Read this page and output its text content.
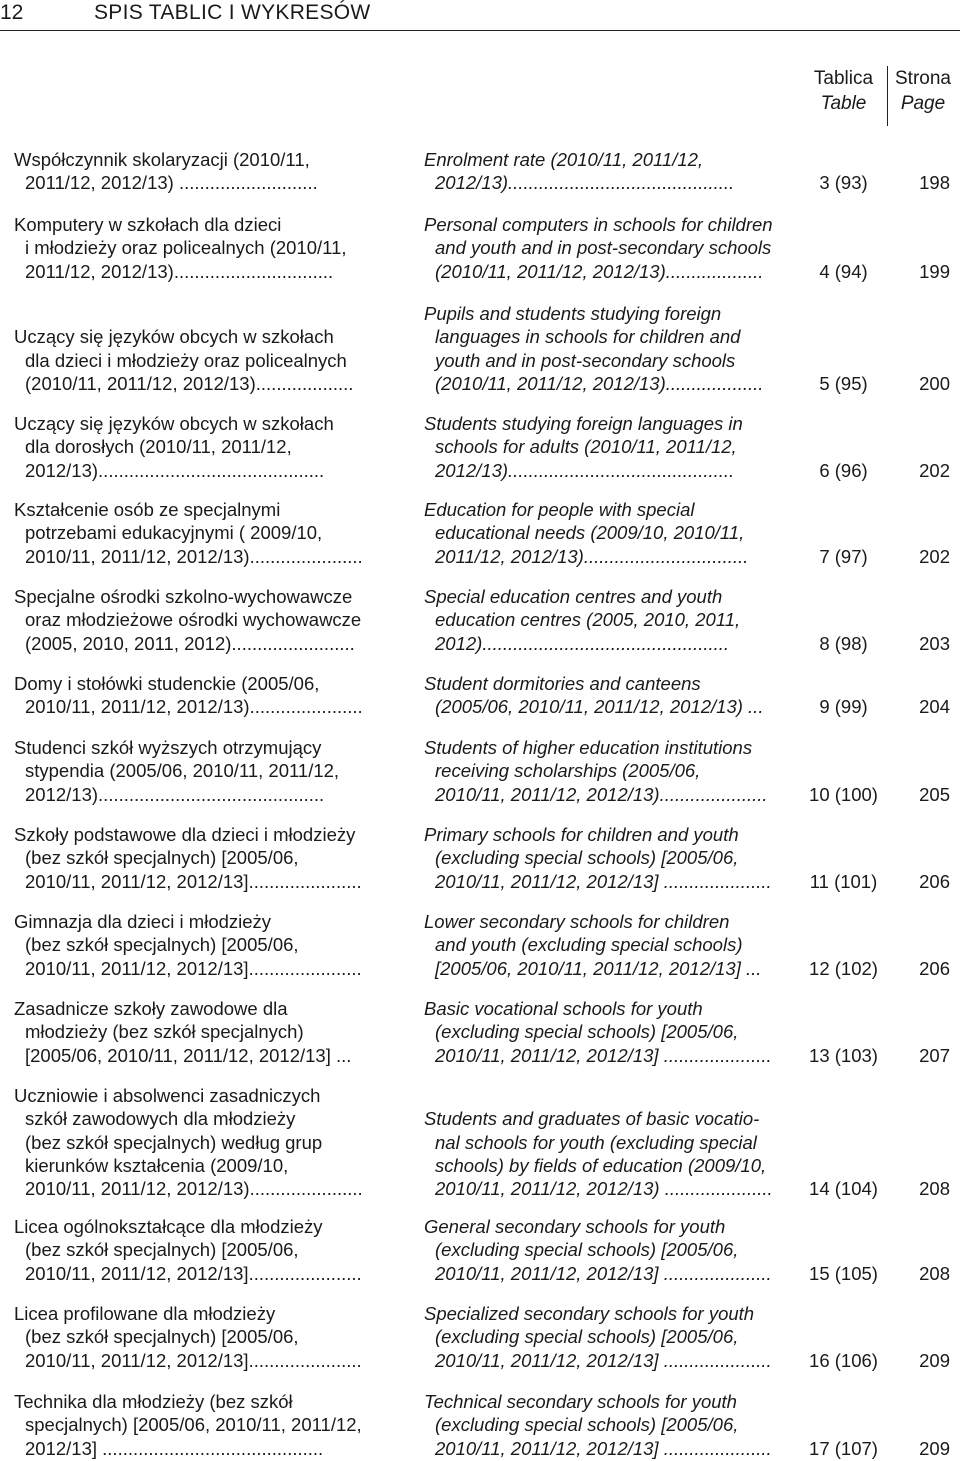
12	SPIS TABLIC I WYKRESÓW
Tablica
Table
Strona
Page
Współczynnik skolaryzacji (2010/11,
2011/12, 2012/13) ...........................
Enrolment rate (2010/11, 2011/12,
2012/13)............................................	3 (93)	198
Komputery w szkołach dla dzieci
i młodzieży oraz policealnych (2010/11,
2011/12, 2012/13)...............................
Personal computers in schools for children
and youth and in post-secondary schools
(2010/11, 2011/12, 2012/13)...................	4 (94)	199
Uczący się języków obcych w szkołach
dla dzieci i młodzieży oraz policealnych
(2010/11, 2011/12, 2012/13)...................
Pupils and students studying foreign
languages in schools for children and
youth and in post-secondary schools
(2010/11, 2011/12, 2012/13)...................	5 (95)	200
Uczący się języków obcych w szkołach
dla dorosłych (2010/11, 2011/12,
2012/13)............................................
Students studying foreign languages in
schools for adults (2010/11, 2011/12,
2012/13)............................................	6 (96)	202
Kształcenie osób ze specjalnymi
potrzebami edukacyjnymi ( 2009/10,
2010/11, 2011/12, 2012/13)......................
Education for people with special
educational needs (2009/10, 2010/11,
2011/12, 2012/13)................................	7 (97)	202
Specjalne ośrodki szkolno-wychowawcze
oraz młodzieżowe ośrodki wychowawcze
(2005, 2010, 2011, 2012)........................
Special education centres and youth
education centres (2005, 2010, 2011,
2012)................................................	8 (98)	203
Domy i stołówki studenckie (2005/06,
2010/11, 2011/12, 2012/13)......................
Student dormitories and canteens
(2005/06, 2010/11, 2011/12, 2012/13) ...	9 (99)	204
Studenci szkół wyższych otrzymujący
stypendia (2005/06, 2010/11, 2011/12,
2012/13)............................................
Students of higher education institutions
receiving scholarships (2005/06,
2010/11, 2011/12, 2012/13).....................	10 (100)	205
Szkoły podstawowe dla dzieci i młodzieży
(bez szkół specjalnych) [2005/06,
2010/11, 2011/12, 2012/13]......................
Primary schools for children and youth
(excluding special schools) [2005/06,
2010/11, 2011/12, 2012/13] .....................	11 (101)	206
Gimnazja dla dzieci i młodzieży
(bez szkół specjalnych) [2005/06,
2010/11, 2011/12, 2012/13]......................
Lower secondary schools for children
and youth (excluding special schools)
[2005/06, 2010/11, 2011/12, 2012/13] ...	12 (102)	206
Zasadnicze szkoły zawodowe dla
młodzieży (bez szkół specjalnych)
[2005/06, 2010/11, 2011/12, 2012/13] ...
Basic vocational schools for youth
(excluding special schools) [2005/06,
2010/11, 2011/12, 2012/13] .....................	13 (103)	207
Uczniowie i absolwenci zasadniczych
szkół zawodowych dla młodzieży
(bez szkół specjalnych) według grup
kierunków kształcenia (2009/10,
2010/11, 2011/12, 2012/13)......................
Students and graduates of basic vocatio-
nal schools for youth (excluding special
schools) by fields of education (2009/10,
2010/11, 2011/12, 2012/13) .....................	14 (104)	208
Licea ogólnokształcące dla młodzieży
(bez szkół specjalnych) [2005/06,
2010/11, 2011/12, 2012/13]......................
General secondary schools for youth
(excluding special schools) [2005/06,
2010/11, 2011/12, 2012/13] .....................	15 (105)	208
Licea profilowane dla młodzieży
(bez szkół specjalnych) [2005/06,
2010/11, 2011/12, 2012/13]......................
Specialized secondary schools for youth
(excluding special schools) [2005/06,
2010/11, 2011/12, 2012/13] .....................	16 (106)	209
Technika dla młodzieży (bez szkół
specjalnych) [2005/06, 2010/11, 2011/12,
2012/13] ...........................................
Technical secondary schools for youth
(excluding special schools) [2005/06,
2010/11, 2011/12, 2012/13] .....................	17 (107)	209
